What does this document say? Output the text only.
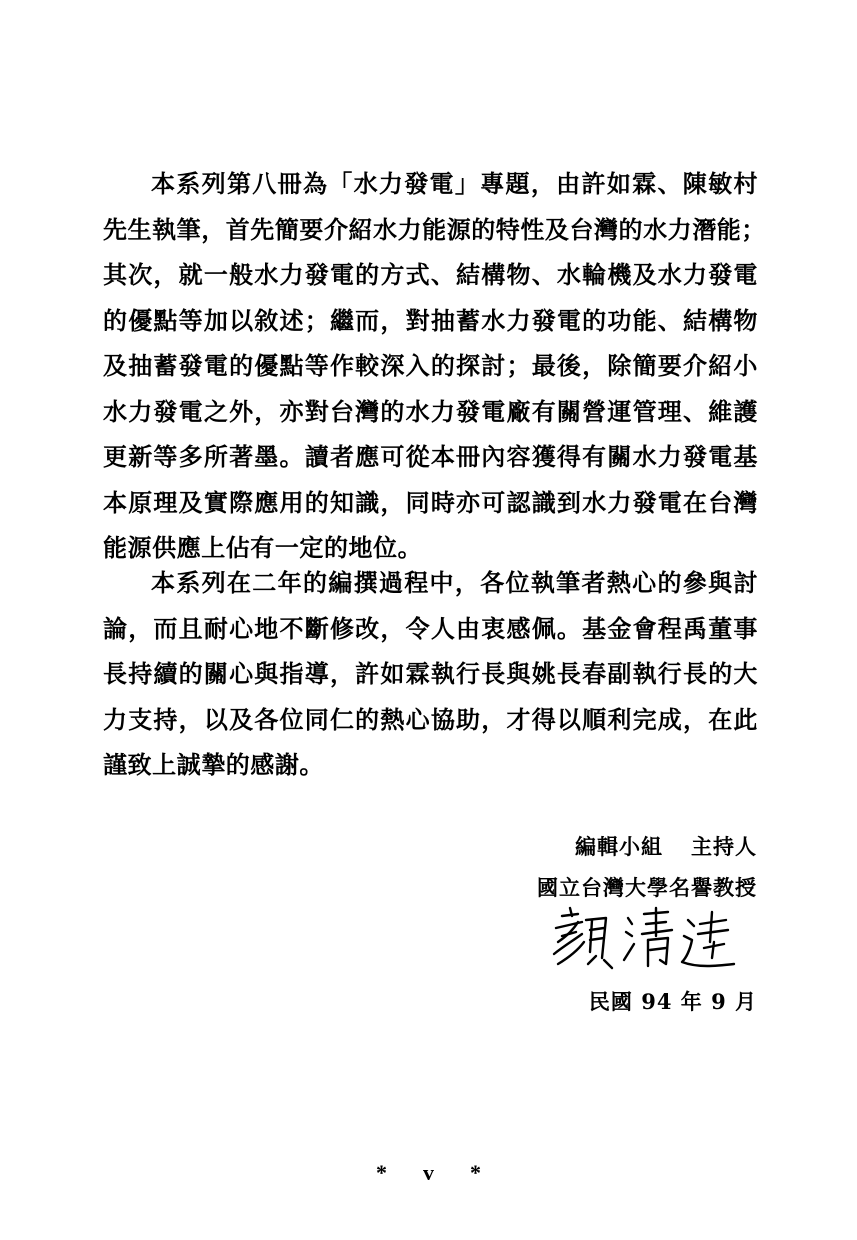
本系列第八冊為「水力發電」專題，由許如霖、陳敏村
先生執筆，首先簡要介紹水力能源的特性及台灣的水力潛能；
其次，就一般水力發電的方式、結構物、水輪機及水力發電
的優點等加以敘述；繼而，對抽蓄水力發電的功能、結構物
及抽蓄發電的優點等作較深入的探討；最後，除簡要介紹小
水力發電之外，亦對台灣的水力發電廠有關營運管理、維護
更新等多所著墨。讀者應可從本冊內容獲得有關水力發電基
本原理及實際應用的知識，同時亦可認識到水力發電在台灣
能源供應上佔有一定的地位。
本系列在二年的編撰過程中，各位執筆者熱心的參與討
論，而且耐心地不斷修改，令人由衷感佩。基金會程禹董事
長持續的關心與指導，許如霖執行長與姚長春副執行長的大
力支持，以及各位同仁的熱心協助，才得以順利完成，在此
謹致上誠摯的感謝。
編輯小組 主持人
國立台灣大學名譽教授
民國 94 年 9 月
* v *
